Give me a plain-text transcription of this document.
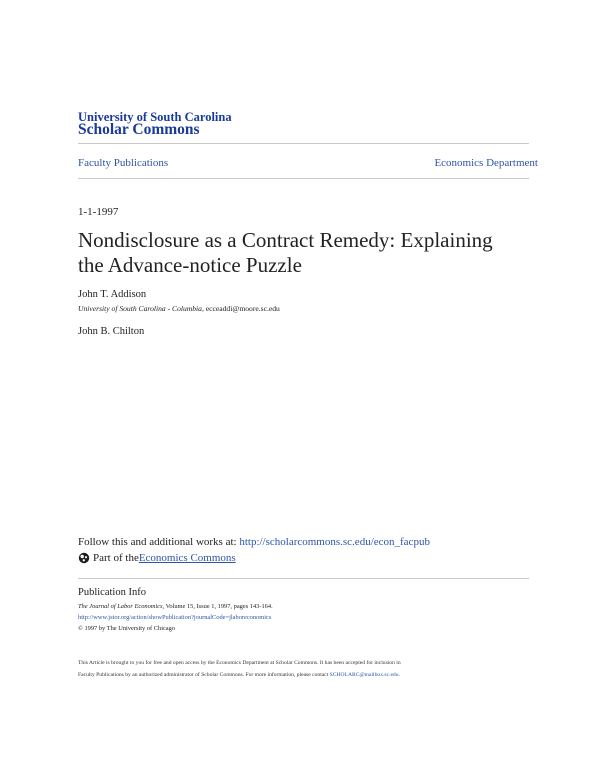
University of South Carolina
Scholar Commons
Faculty Publications	Economics Department
1-1-1997
Nondisclosure as a Contract Remedy: Explaining
the Advance-notice Puzzle
John T. Addison
University of South Carolina - Columbia, ecceaddi@moore.sc.edu
John B. Chilton
Follow this and additional works at: http://scholarcommons.sc.edu/econ_facpub
Part of the Economics Commons
Publication Info
The Journal of Labor Economics, Volume 15, Issue 1, 1997, pages 143-164.
http://www.jstor.org/action/showPublication?journalCode=jlaboreconomics
© 1997 by The University of Chicago
This Article is brought to you for free and open access by the Economics Department at Scholar Commons. It has been accepted for inclusion in
Faculty Publications by an authorized administrator of Scholar Commons. For more information, please contact SCHOLARC@mailbox.sc.edu.
